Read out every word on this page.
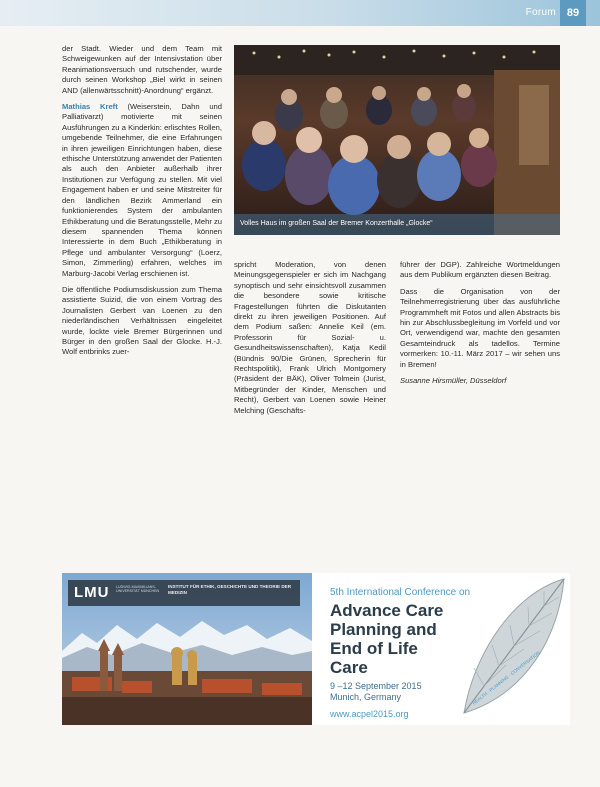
Forum 89

der Stadt. Wieder und dem Team mit Schweigewunken auf der Intensivstation über Reanimationsversuch und rutschender, wurde durch seinen Workshop „Biel wirkt in seinen AND (allenwärtsschnitt)-Anordnung“ ergänzt.

Mathias Kreft (Weiserstein, Dahn und Palliativarzt) motivierte mit seinen Ausführungen zu a Kinderkin: erlischtes Rollen, umgebende Teilnehmer, die eine Erfahrungen in ihren jeweiligen Einrichtungen haben, diese ethische Unterstützung anwendet der Patienten als auch den Anbieter außerhalb ihrer Institutionen zur Verfügung zu stellen. Mit viel Engagement haben er und seine Mitstreiter für den ländlichen Bezirk Ammerland ein funktionierendes System der ambulanten Ethikberatung und die Beratungsstelle, Mehr zu diesem spannenden Thema können Interessierte in dem Buch „Ethikberatung in Pflege und ambulanter Versorgung“ (Loerz, Simon, Zimmerling) erfahren, welches im Marburg-Jacobi Verlag erschienen ist.

Die öffentliche Podiumsdiskussion zum Thema assistierte Suizid, die von einem Vortrag des Journalisten Gerbert van Loenen zu den niederländischen Verhältnissen eingeleitet wurde, lockte viele Bremer Bürgerinnen und Bürger in den großen Saal der Glocke. H.-J. Wolf entbrinks zuer-

Volles Haus im großen Saal der Bremer Konzerthalle „Glocke“

spricht Moderation, von denen Meinungsgegenspieler er sich im Nachgang synoptisch und sehr einsichtsvoll zusammen die besondere sowie kritische Fragestellungen führten die Diskutanten direkt zu ihren jeweiligen Positionen. Auf dem Podium saßen: Annelie Keil (em. Professorin für Sozial- u. Gesundheitswissenschaften), Katja Kedil (Bündnis 90/Die Grünen, Sprecherin für Rechtspolitik), Frank Ulrich Montgomery (Präsident der BÄK), Oliver Tolmein (Jurist, Mitbegründer der Kinder, Menschen und Recht), Gerbert van Loenen sowie Heiner Melching (Geschäfts-

führer der DGP). Zahlreiche Wortmeldungen aus dem Publikum ergänzten diesen Beitrag.

Dass die Organisation von der Teilnehmerregistrierung über das ausführliche Programmheft mit Fotos und allen Abstracts bis hin zur Abschlussbegleitung im Vorfeld und vor Ort, verwendigend war, machte den gesamten Gesamteindruck als tadellos. Termine vormerken: 10.-11. März 2017 – wir sehen uns in Bremen!

Susanne Hirsmüller, Düsseldorf

LMU LUDWIG-MAXIMILIANS-UNIVERSITÄT MÜNCHEN
INSTITUT FÜR ETHIK, GESCHICHTE UND THEORIE DER MEDIZIN	5th International Conference on
Advance Care
Planning and
End of Life
Care
9 –12 September 2015
Munich, Germany
www.acpel2015.org
HEALTH · PLANNING · CONVERSATION
